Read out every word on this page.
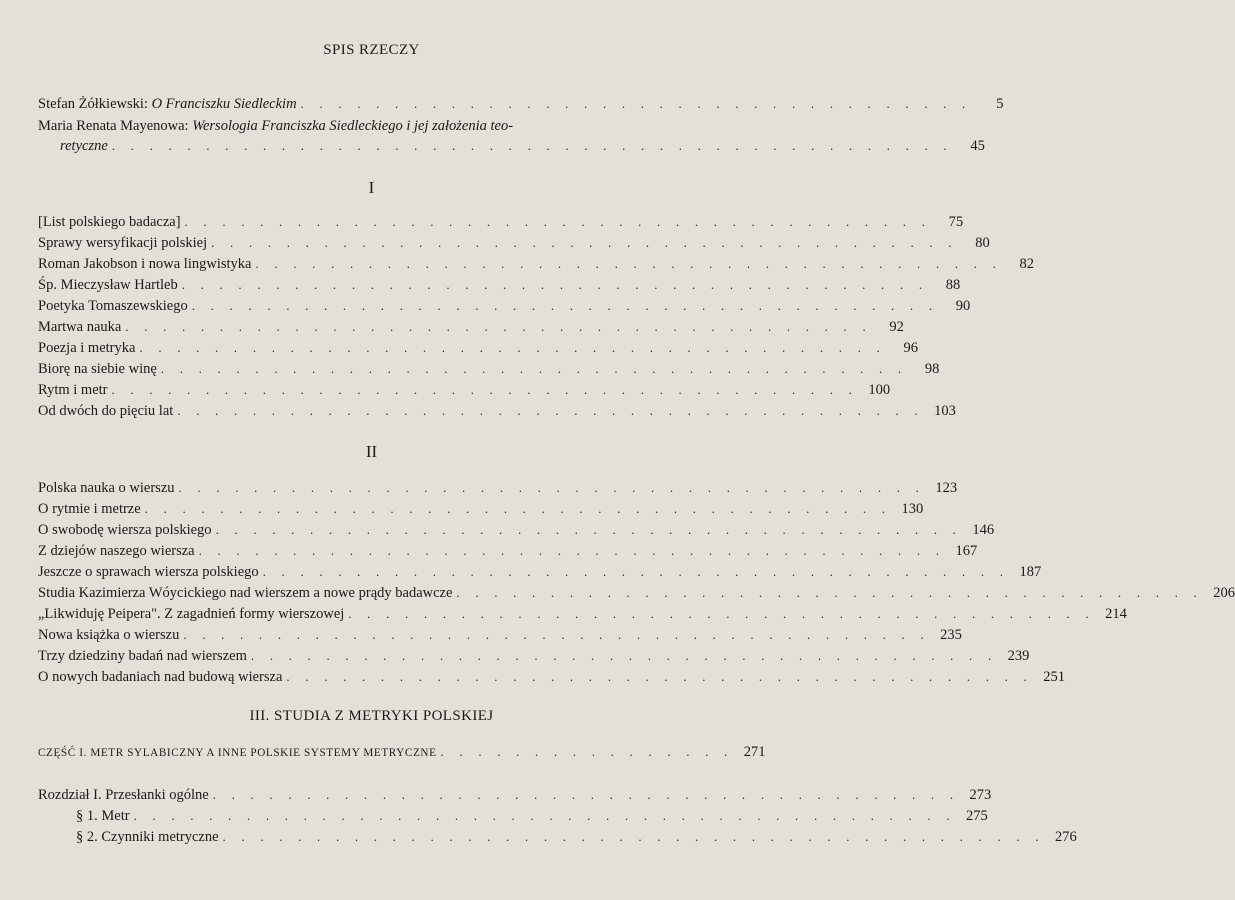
SPIS RZECZY
Stefan Żółkiewski: O Franciszku Siedleckim . . . . . . . . . . . . . . . . . . . . . . . . . . . . . . . . . . . .	5
Maria Renata Mayenowa: Wersologia Franciszka Siedleckiego i jej założenia teo-
retyczne . . . . . . . . . . . . . . . . . . . . . . . . . . . . . . . . . . . . . . . . . . . . .	45
I
[List polskiego badacza] . . . . . . . . . . . . . . . . . . . . . . . . . . . . . . . . . . . . . . . .	75
Sprawy wersyfikacji polskiej . . . . . . . . . . . . . . . . . . . . . . . . . . . . . . . . . . . . . . . .	80
Roman Jakobson i nowa lingwistyka . . . . . . . . . . . . . . . . . . . . . . . . . . . . . . . . . . . . . . . .	82
Śp. Mieczysław Hartleb . . . . . . . . . . . . . . . . . . . . . . . . . . . . . . . . . . . . . . . .	88
Poetyka Tomaszewskiego . . . . . . . . . . . . . . . . . . . . . . . . . . . . . . . . . . . . . . . .	90
Martwa nauka . . . . . . . . . . . . . . . . . . . . . . . . . . . . . . . . . . . . . . . .	92
Poezja i metryka . . . . . . . . . . . . . . . . . . . . . . . . . . . . . . . . . . . . . . . .	96
Biorę na siebie winę . . . . . . . . . . . . . . . . . . . . . . . . . . . . . . . . . . . . . . . .	98
Rytm i metr . . . . . . . . . . . . . . . . . . . . . . . . . . . . . . . . . . . . . . . . 100
Od dwóch do pięciu lat . . . . . . . . . . . . . . . . . . . . . . . . . . . . . . . . . . . . . . . . 103
II
Polska nauka o wierszu . . . . . . . . . . . . . . . . . . . . . . . . . . . . . . . . . . . . . . . . 123
O rytmie i metrze . . . . . . . . . . . . . . . . . . . . . . . . . . . . . . . . . . . . . . . . 130
O swobodę wiersza polskiego . . . . . . . . . . . . . . . . . . . . . . . . . . . . . . . . . . . . . . . . 146
Z dziejów naszego wiersza . . . . . . . . . . . . . . . . . . . . . . . . . . . . . . . . . . . . . . . . 167
Jeszcze o sprawach wiersza polskiego . . . . . . . . . . . . . . . . . . . . . . . . . . . . . . . . . . . . . . . . 187
Studia Kazimierza Wóycickiego nad wierszem a nowe prądy badawcze . . . . . . . . . . . . . . . . . . . . . . . . . . . . . . . . . . . . . . . . 206
„Likwiduję Peipera". Z zagadnień formy wierszowej . . . . . . . . . . . . . . . . . . . . . . . . . . . . . . . . . . . . . . . . 214
Nowa książka o wierszu . . . . . . . . . . . . . . . . . . . . . . . . . . . . . . . . . . . . . . . . 235
Trzy dziedziny badań nad wierszem . . . . . . . . . . . . . . . . . . . . . . . . . . . . . . . . . . . . . . . . 239
O nowych badaniach nad budową wiersza . . . . . . . . . . . . . . . . . . . . . . . . . . . . . . . . . . . . . . . . 251
III. STUDIA Z METRYKI POLSKIEJ
CZĘŚĆ I. METR SYLABICZNY A INNE POLSKIE SYSTEMY METRYCZNE . . . . . . . . . . . . . . . . 271
Rozdział I. Przesłanki ogólne . . . . . . . . . . . . . . . . . . . . . . . . . . . . . . . . . . . . . . . . 273
§ 1. Metr . . . . . . . . . . . . . . . . . . . . . . . . . . . . . . . . . . . . . . . . . . . . 275
§ 2. Czynniki metryczne . . . . . . . . . . . . . . . . . . . . . . . . . . . . . . . . . . . . . . . . . . . . 276
